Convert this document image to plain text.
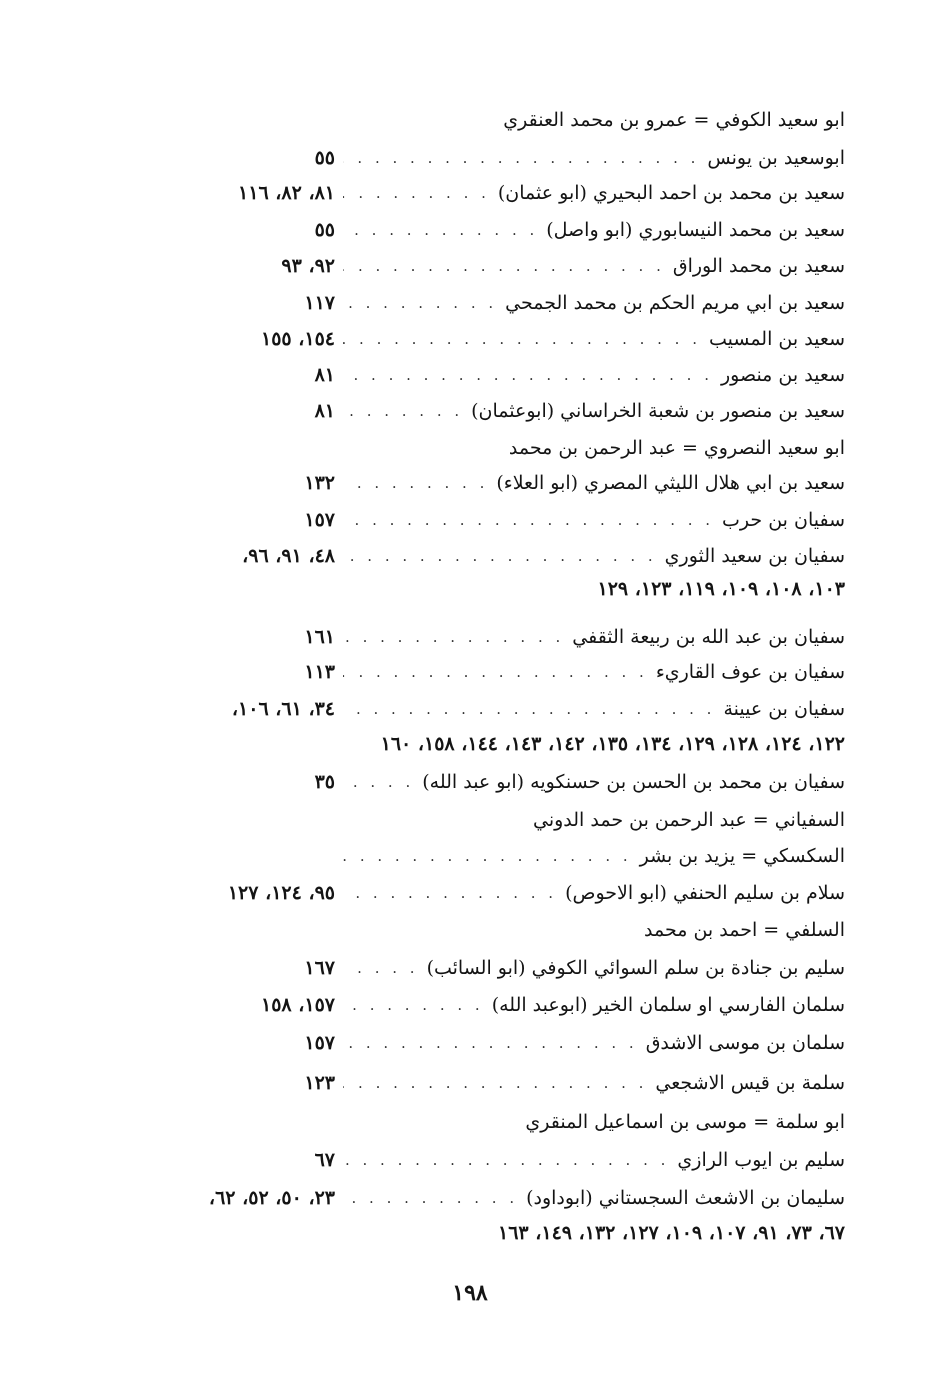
ابو سعيد الكوفي = عمرو بن محمد العنقري
ابوسعيد بن يونس
. . .
٥٥
سعيد بن محمد بن احمد البحيري (ابو عثمان)
. . .
٨١، ٨٢، ١١٦
سعيد بن محمد النيسابوري (ابو واصل)
. . .
٥٥
سعيد بن محمد الوراق
. . .
٩٢، ٩٣
سعيد بن ابي مريم الحكم بن محمد الجمحي
. . .
١١٧
سعيد بن المسيب
. . .
١٥٤، ١٥٥
سعيد بن منصور
. . .
٨١
سعيد بن منصور بن شعبة الخراساني (ابوعثمان)
. . .
٨١
ابو سعيد النصروي = عبد الرحمن بن محمد
سعيد بن ابي هلال الليثي المصري (ابو العلاء)
. . .
١٣٢
سفيان بن حرب
. . .
١٥٧
سفيان بن سعيد الثوري
. . .
٤٨، ٩١، ٩٦،
١٠٣، ١٠٨، ١٠٩، ١١٩، ١٢٣، ١٢٩
سفيان بن عبد الله بن ربيعة الثقفي
. . .
١٦١
سفيان بن عوف القاريء
. . .
١١٣
سفيان بن عيينة
. . .
٣٤، ٦١، ١٠٦،
١٢٢، ١٢٤، ١٢٨، ١٢٩، ١٣٤، ١٣٥، ١٤٢، ١٤٣، ١٤٤، ١٥٨، ١٦٠
سفيان بن محمد بن الحسن بن حسنكويه (ابو عبد الله)
. . .
٣٥
السفياني = عبد الرحمن بن حمد الدوني
السكسكي = يزيد بن بشر
. . .
سلام بن سليم الحنفي (ابو الاحوص)
. . .
٩٥، ١٢٤، ١٢٧
السلفي = احمد بن محمد
سليم بن جنادة بن سلم السوائي الكوفي (ابو السائب)
. . .
١٦٧
سلمان الفارسي او سلمان الخير (ابوعبد الله)
. . .
١٥٧، ١٥٨
سلمان بن موسى الاشدق
. . .
١٥٧
سلمة بن قيس الاشجعي
. . .
١٢٣
ابو سلمة = موسى بن اسماعيل المنقري
سليم بن ايوب الرازي
. . .
٦٧
سليمان بن الاشعث السجستاني (ابوداود)
. . .
٢٣، ٥٠، ٥٢، ٦٢،
٦٧، ٧٣، ٩١، ١٠٧، ١٠٩، ١٢٧، ١٣٢، ١٤٩، ١٦٣
١٩٨
